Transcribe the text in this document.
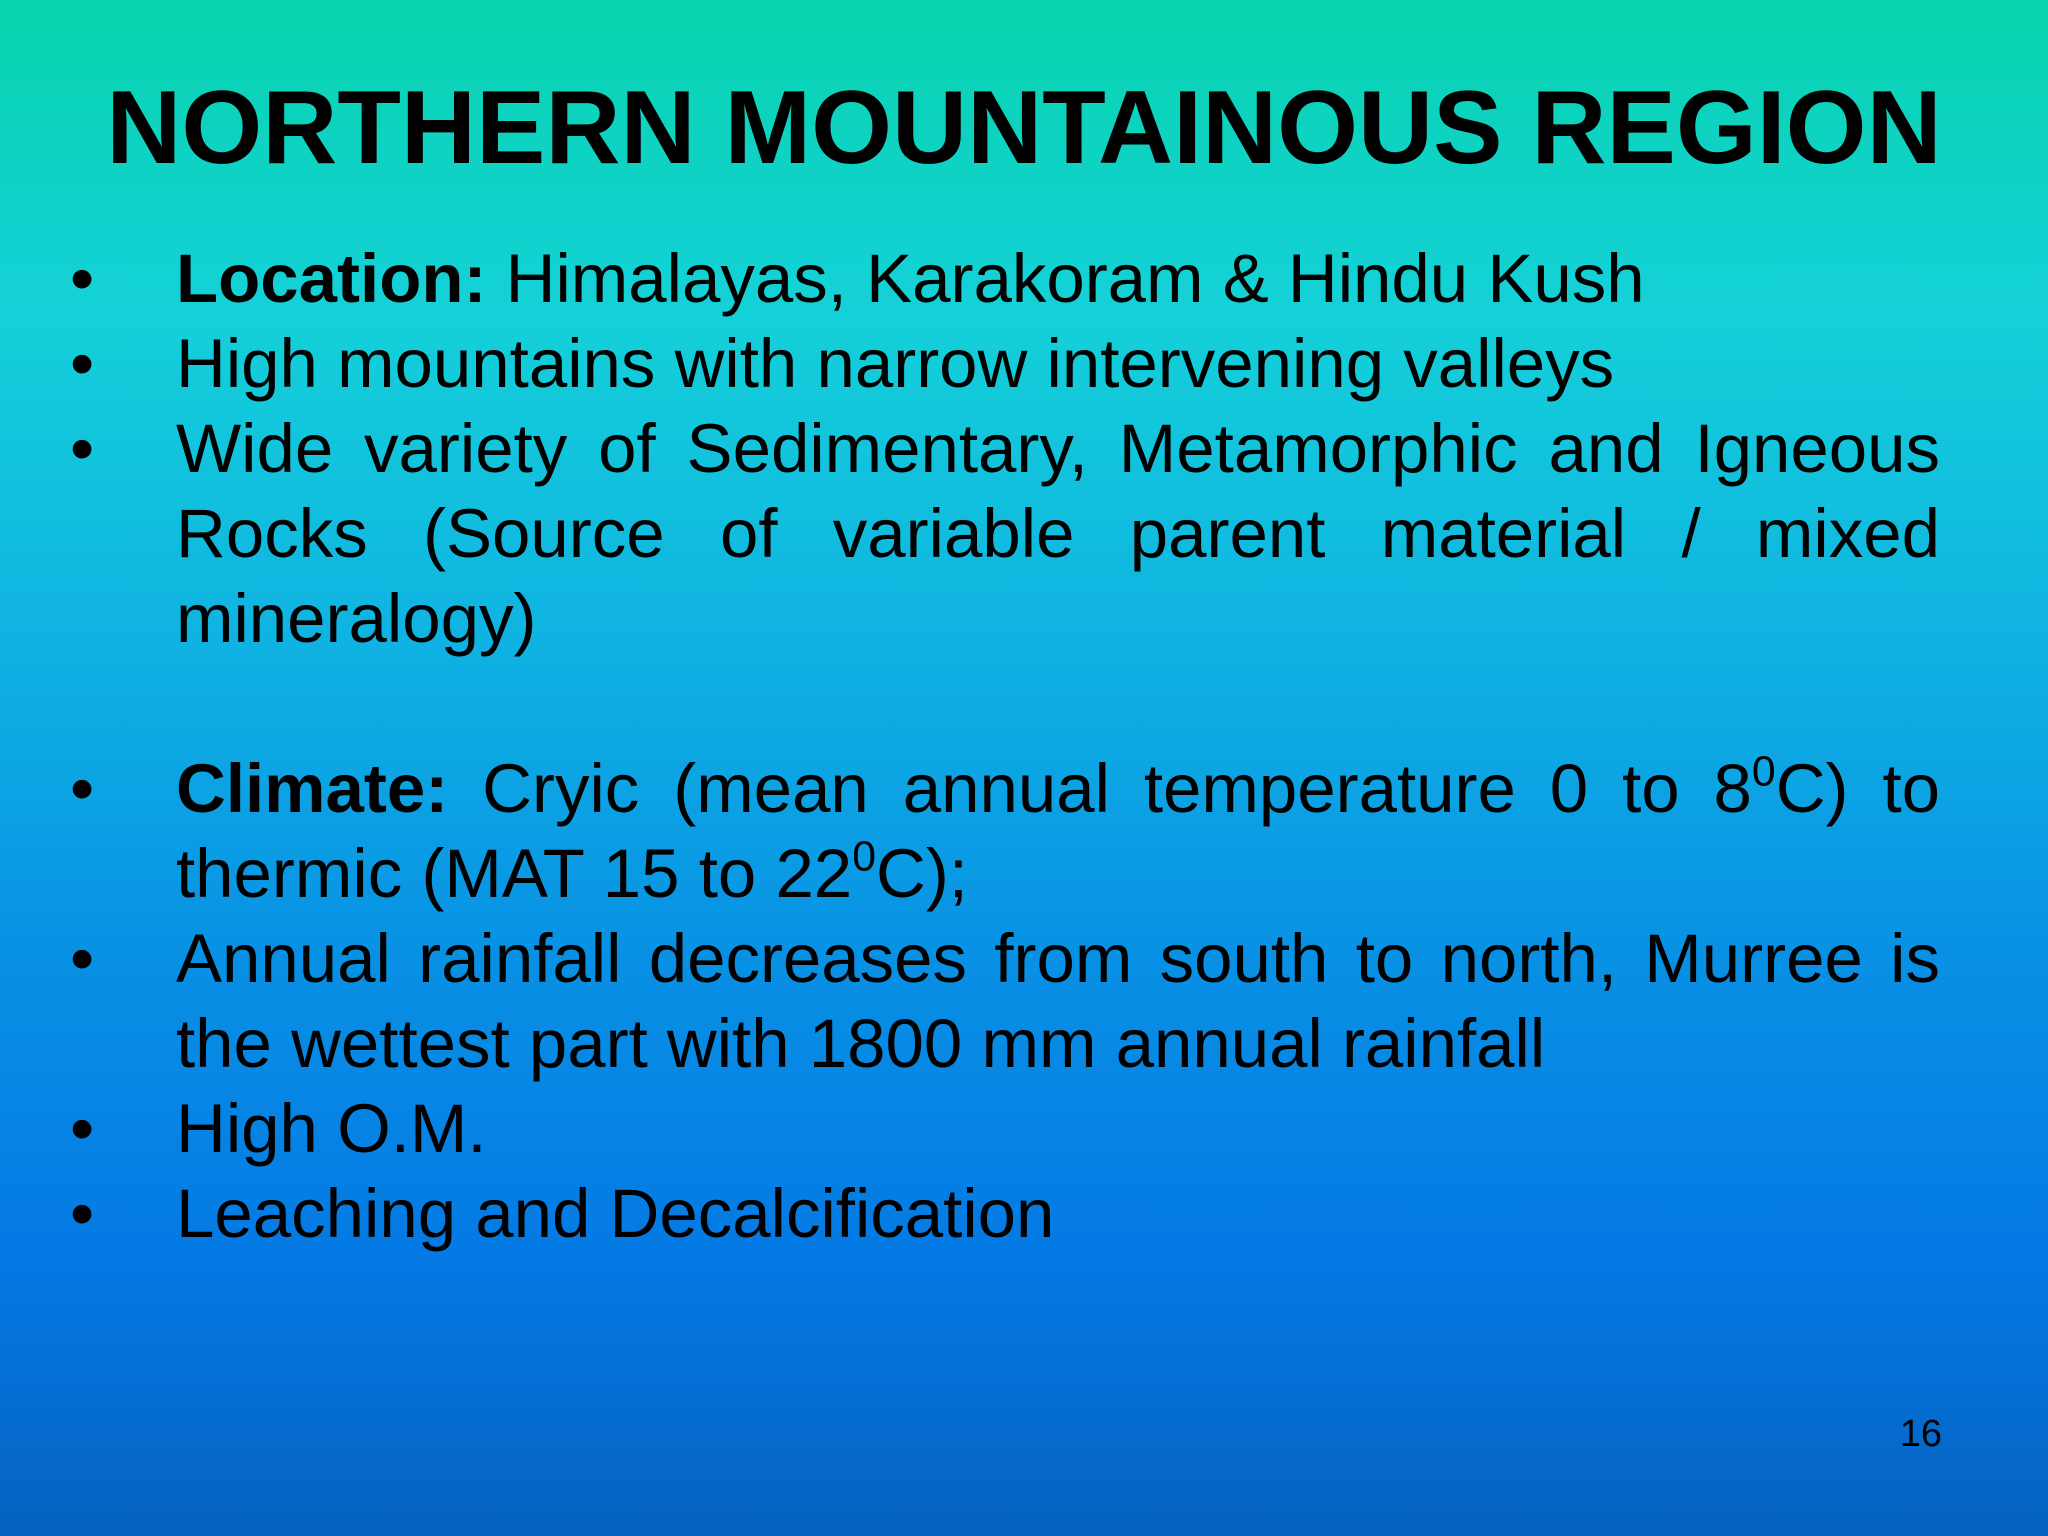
NORTHERN MOUNTAINOUS REGION
• Location: Himalayas, Karakoram & Hindu Kush
• High mountains with narrow intervening valleys
• Wide variety of Sedimentary, Metamorphic and Igneous Rocks (Source of variable parent material / mixed mineralogy)
• Climate: Cryic (mean annual temperature 0 to $8^0C$) to thermic (MAT 15 to $22^0C$);
• Annual rainfall decreases from south to north, Murree is the wettest part with 1800 mm annual rainfall
• High O.M.
• Leaching and Decalcification
16
